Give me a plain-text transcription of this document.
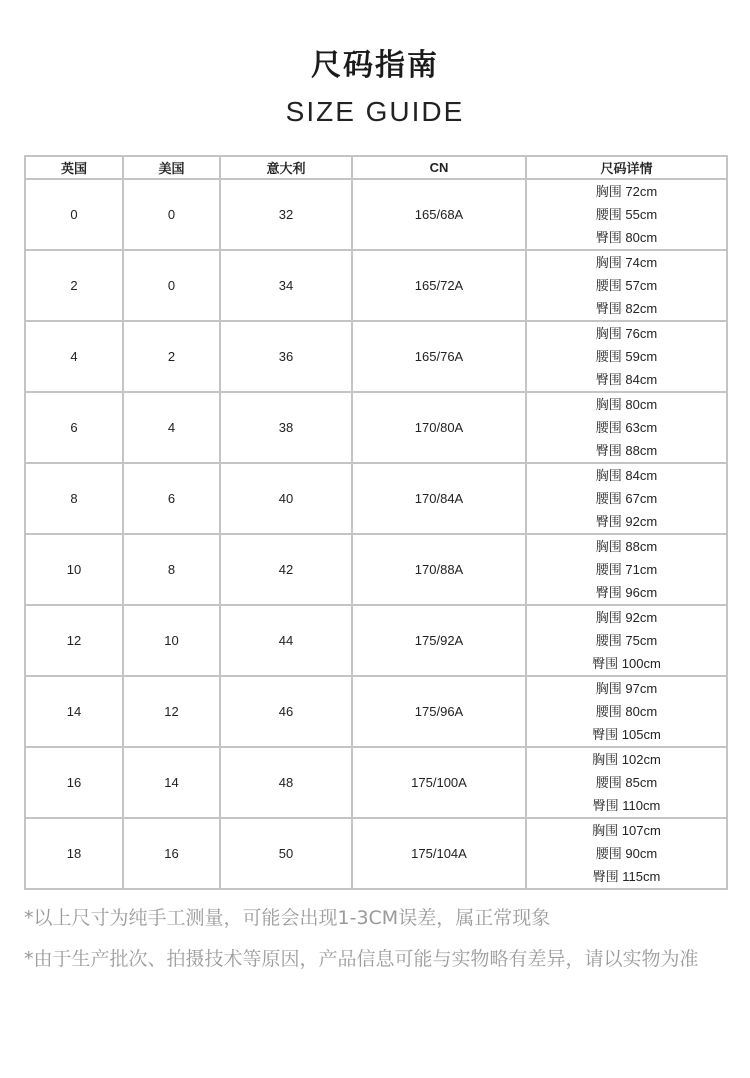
尺码指南
SIZE GUIDE
英国	美国	意大利	CN	尺码详情
0	0	32	165/68A	胸围 72cm
腰围 55cm
臀围 80cm

2	0	34	165/72A	胸围 74cm
腰围 57cm
臀围 82cm

4	2	36	165/76A	胸围 76cm
腰围 59cm
臀围 84cm

6	4	38	170/80A	胸围 80cm
腰围 63cm
臀围 88cm

8	6	40	170/84A	胸围 84cm
腰围 67cm
臀围 92cm

10	8	42	170/88A	胸围 88cm
腰围 71cm
臀围 96cm

12	10	44	175/92A	胸围 92cm
腰围 75cm
臀围 100cm

14	12	46	175/96A	胸围 97cm
腰围 80cm
臀围 105cm

16	14	48	175/100A	胸围 102cm
腰围 85cm
臀围 110cm

18	16	50	175/104A	胸围 107cm
腰围 90cm
臀围 115cm

*以上尺寸为纯手工测量，可能会出现1-3CM误差，属正常现象

*由于生产批次、拍摄技术等原因，产品信息可能与实物略有差异，请以实物为准
